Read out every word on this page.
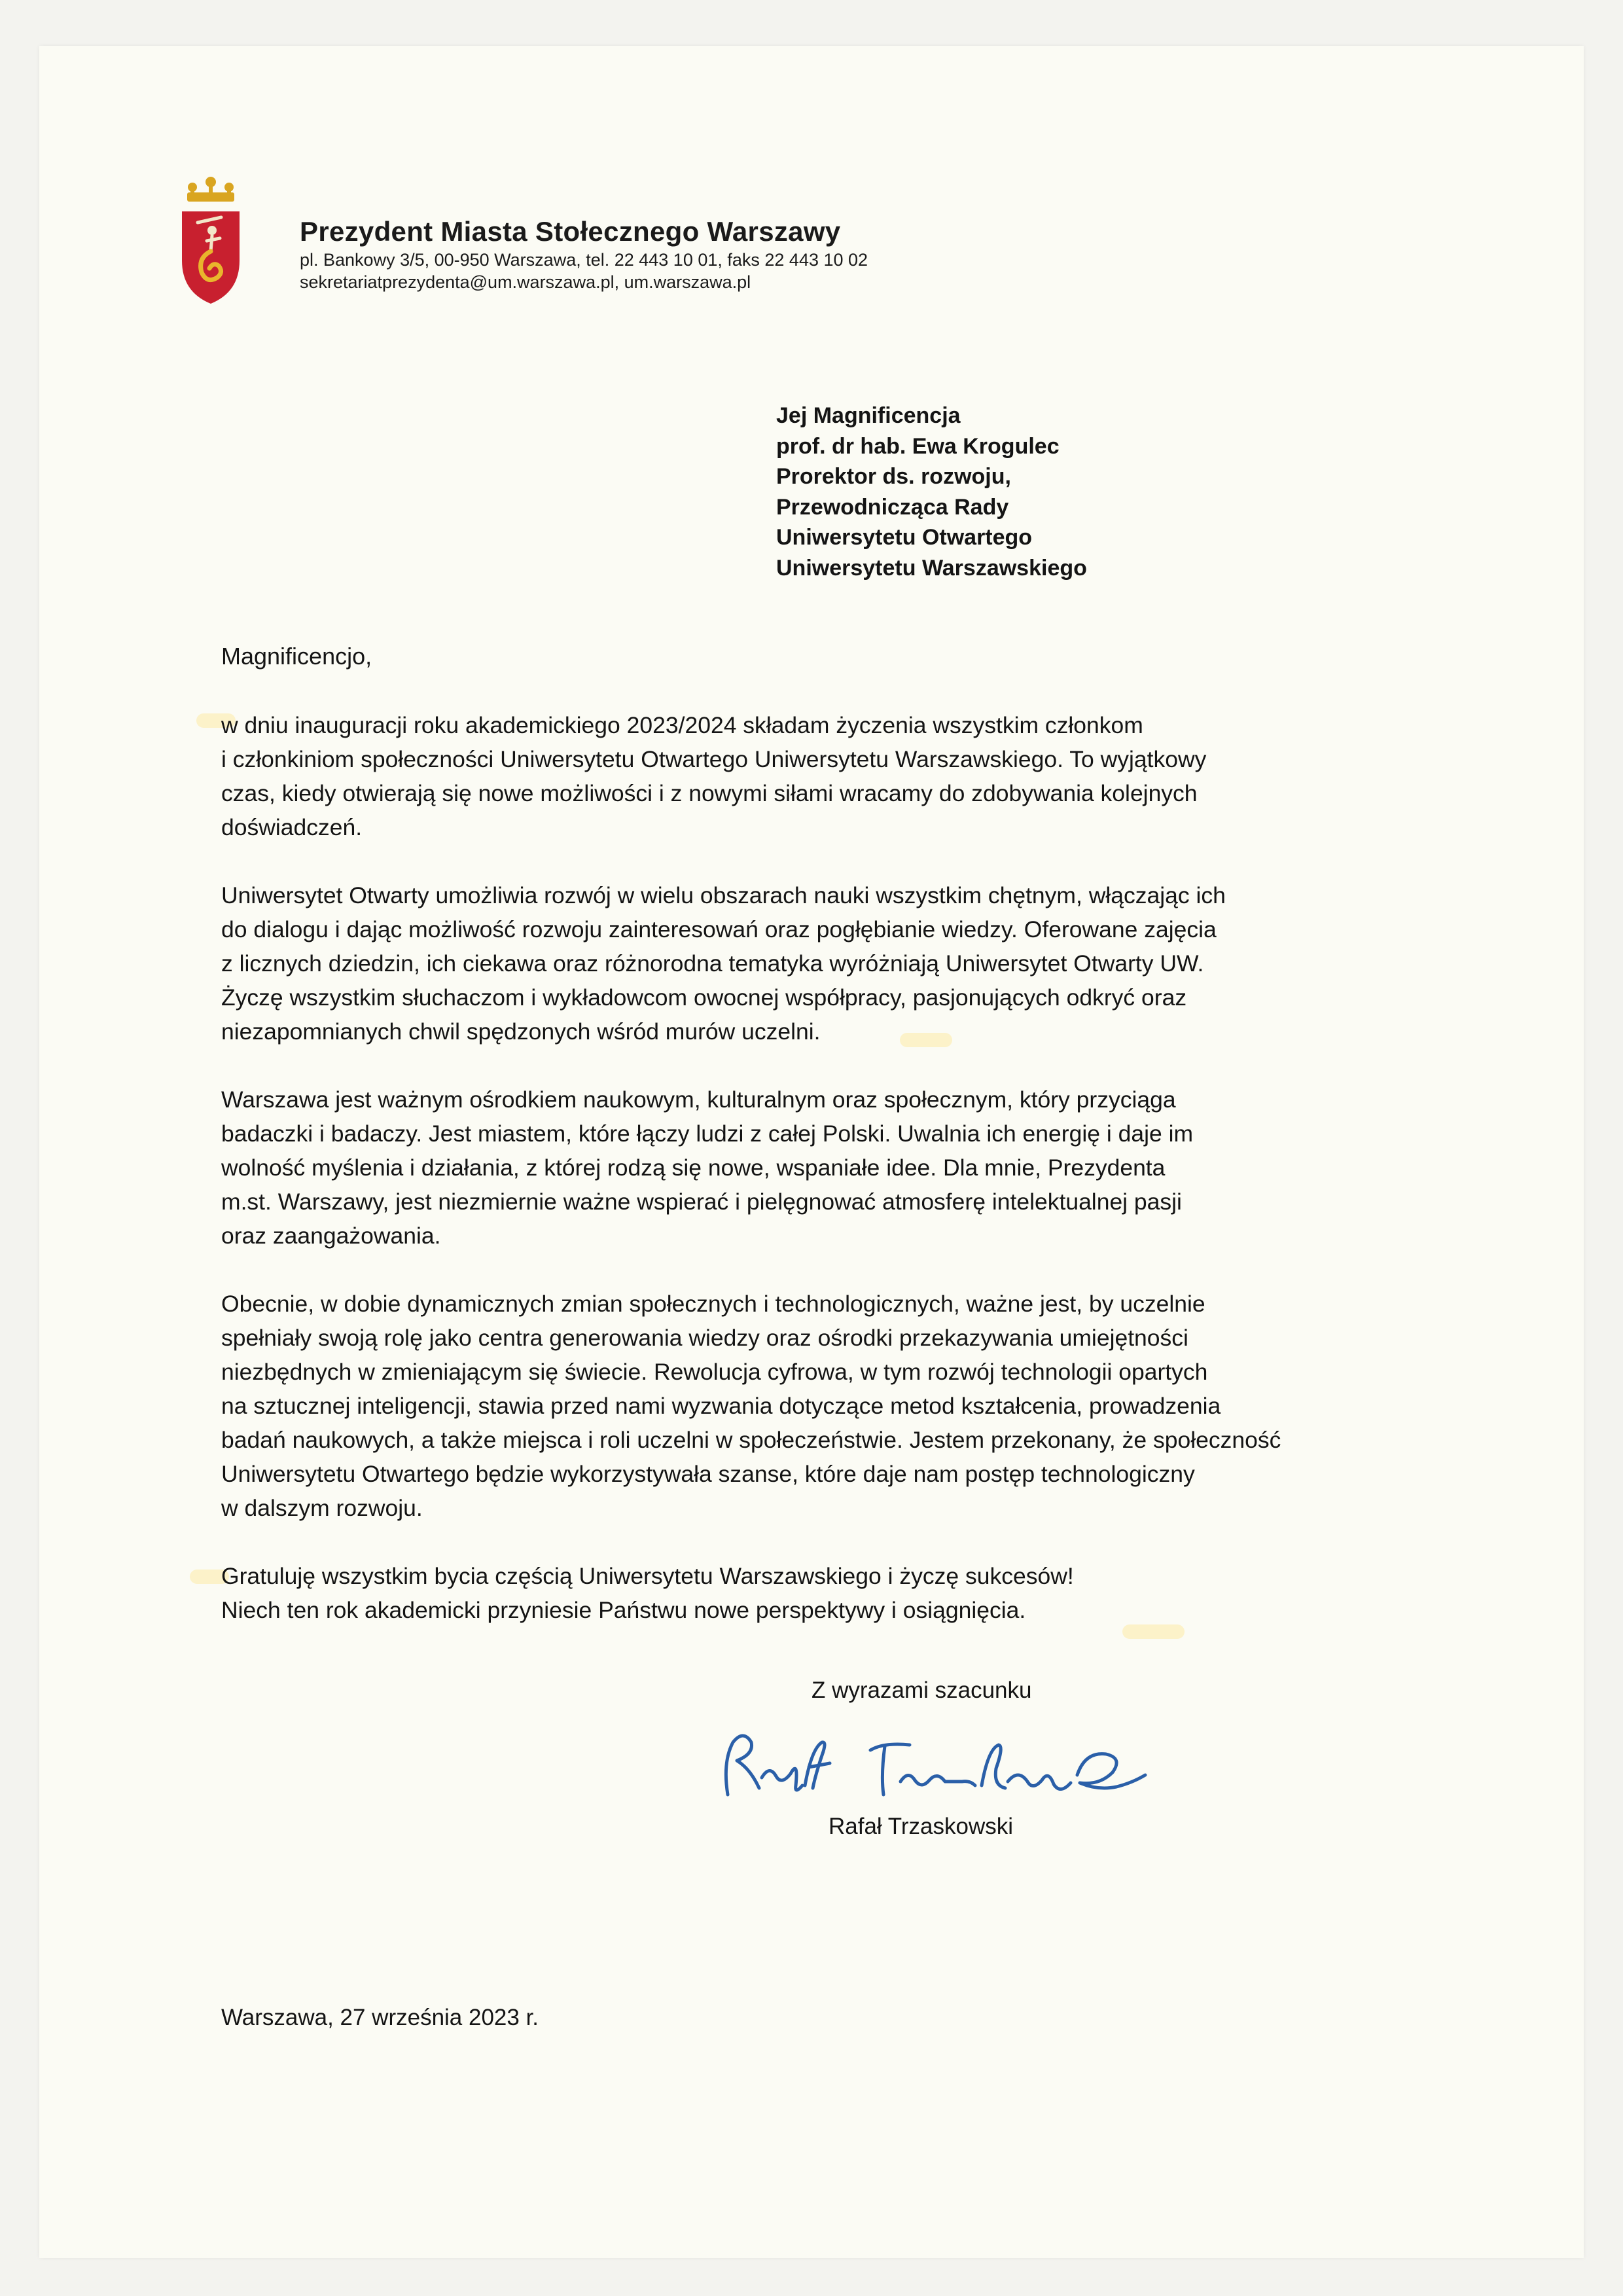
Prezydent Miasta Stołecznego Warszawy
pl. Bankowy 3/5, 00-950 Warszawa, tel. 22 443 10 01, faks 22 443 10 02
sekretariatprezydenta@um.warszawa.pl, um.warszawa.pl
Jej Magnificencja
prof. dr hab. Ewa Krogulec
Prorektor ds. rozwoju,
Przewodnicząca Rady
Uniwersytetu Otwartego
Uniwersytetu Warszawskiego
Magnificencjo,

w dniu inauguracji roku akademickiego 2023/2024 składam życzenia wszystkim członkom
i członkiniom społeczności Uniwersytetu Otwartego Uniwersytetu Warszawskiego. To wyjątkowy
czas, kiedy otwierają się nowe możliwości i z nowymi siłami wracamy do zdobywania kolejnych
doświadczeń.

Uniwersytet Otwarty umożliwia rozwój w wielu obszarach nauki wszystkim chętnym, włączając ich
do dialogu i dając możliwość rozwoju zainteresowań oraz pogłębianie wiedzy. Oferowane zajęcia
z licznych dziedzin, ich ciekawa oraz różnorodna tematyka wyróżniają Uniwersytet Otwarty UW.
Życzę wszystkim słuchaczom i wykładowcom owocnej współpracy, pasjonujących odkryć oraz
niezapomnianych chwil spędzonych wśród murów uczelni.

Warszawa jest ważnym ośrodkiem naukowym, kulturalnym oraz społecznym, który przyciąga
badaczki i badaczy. Jest miastem, które łączy ludzi z całej Polski. Uwalnia ich energię i daje im
wolność myślenia i działania, z której rodzą się nowe, wspaniałe idee. Dla mnie, Prezydenta
m.st. Warszawy, jest niezmiernie ważne wspierać i pielęgnować atmosferę intelektualnej pasji
oraz zaangażowania.

Obecnie, w dobie dynamicznych zmian społecznych i technologicznych, ważne jest, by uczelnie
spełniały swoją rolę jako centra generowania wiedzy oraz ośrodki przekazywania umiejętności
niezbędnych w zmieniającym się świecie. Rewolucja cyfrowa, w tym rozwój technologii opartych
na sztucznej inteligencji, stawia przed nami wyzwania dotyczące metod kształcenia, prowadzenia
badań naukowych, a także miejsca i roli uczelni w społeczeństwie. Jestem przekonany, że społeczność
Uniwersytetu Otwartego będzie wykorzystywała szanse, które daje nam postęp technologiczny
w dalszym rozwoju.

Gratuluję wszystkim bycia częścią Uniwersytetu Warszawskiego i życzę sukcesów!
Niech ten rok akademicki przyniesie Państwu nowe perspektywy i osiągnięcia.

Z wyrazami szacunku
Rafał Trzaskowski
Warszawa, 27 września 2023 r.
